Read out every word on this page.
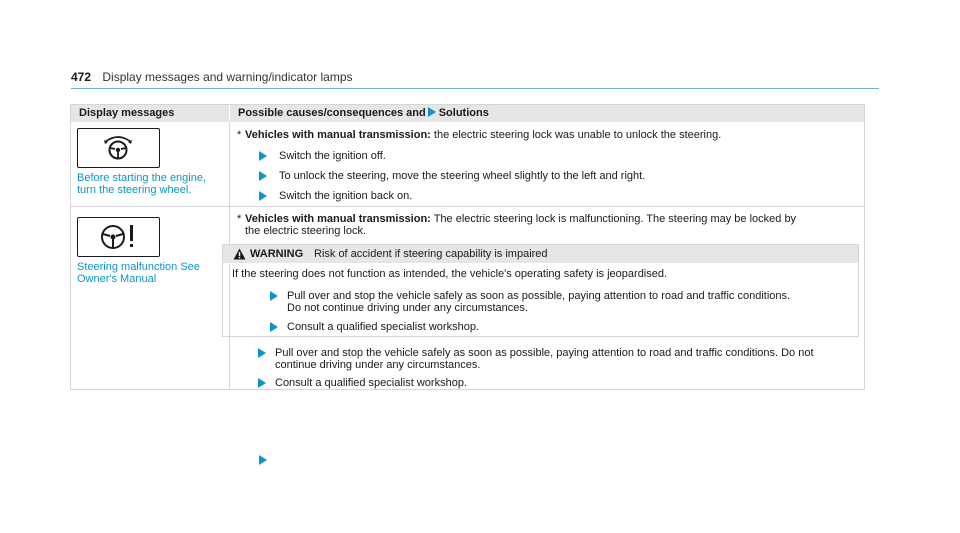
472 Display messages and warning/indicator lamps
Display messages	Possible causes/consequences and Solutions
Before starting the engine,
turn the steering wheel.
* Vehicles with manual transmission: the electric steering lock was unable to unlock the steering.
Switch the ignition off.
To unlock the steering, move the steering wheel slightly to the left and right.
Switch the ignition back on.
Steering malfunction See
Owner's Manual
* Vehicles with manual transmission: The electric steering lock is malfunctioning. The steering may be locked by
the electric steering lock.
WARNING Risk of accident if steering capability is impaired
If the steering does not function as intended, the vehicle's operating safety is jeopardised.
Pull over and stop the vehicle safely as soon as possible, paying attention to road and traffic conditions.
Do not continue driving under any circumstances.
Consult a qualified specialist workshop.
Pull over and stop the vehicle safely as soon as possible, paying attention to road and traffic conditions. Do not
continue driving under any circumstances.
Consult a qualified specialist workshop.
